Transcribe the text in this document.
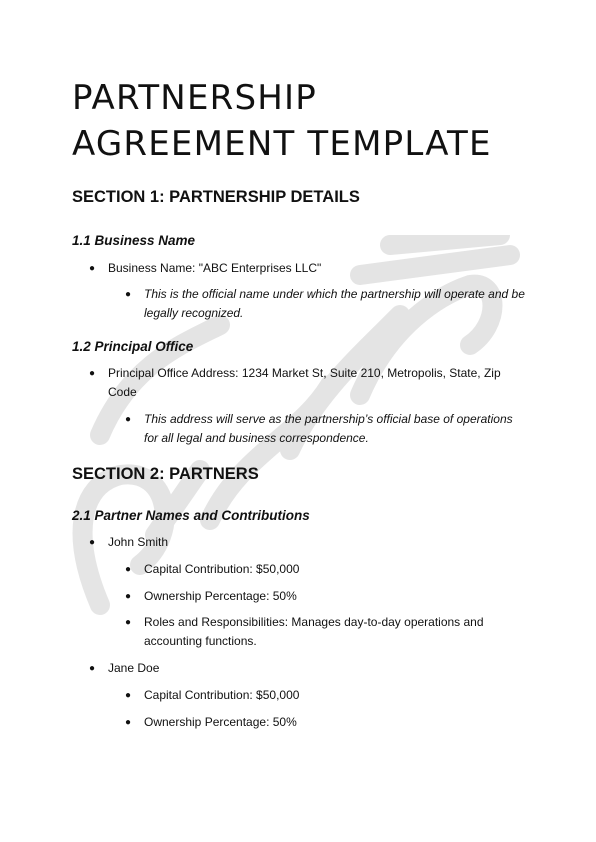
PARTNERSHIP
AGREEMENT TEMPLATE
SECTION 1: PARTNERSHIP DETAILS
1.1 Business Name
● Business Name: "ABC Enterprises LLC"
● This is the official name under which the partnership will operate and be legally recognized.
1.2 Principal Office
● Principal Office Address: 1234 Market St, Suite 210, Metropolis, State, Zip Code
● This address will serve as the partnership’s official base of operations for all legal and business correspondence.
SECTION 2: PARTNERS
2.1 Partner Names and Contributions
● John Smith
● Capital Contribution: $50,000
● Ownership Percentage: 50%
● Roles and Responsibilities: Manages day-to-day operations and accounting functions.
● Jane Doe
● Capital Contribution: $50,000
● Ownership Percentage: 50%
